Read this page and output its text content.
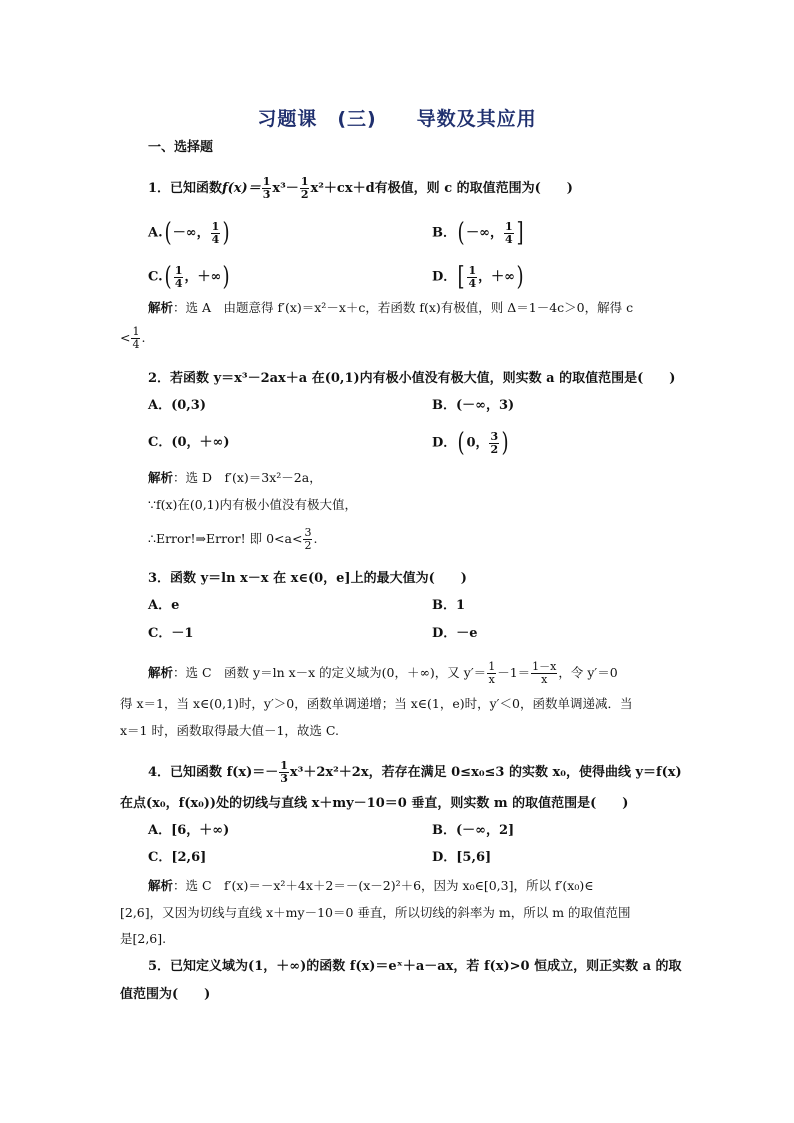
习题课　(三)　　导数及其应用
一、选择题
1．已知函数$f(x)= \frac{1}{3} x^3- \frac{1}{2} x^2+cx+d$有极值，则 c 的取值范围为(　　)
A.( －∞， $\frac{1}{4}$ )	B．( －∞， $\frac{1}{4}$ ]
$C.( \frac{1}{4}$ ，＋∞)	D．[ $\frac{1}{4}$ ，＋∞)
解析：选 A　由题意得 f′(x)＝x²－x＋c，若函数 f(x)有极值，则 Δ＝1－4c＞0，解得 c
< $\frac{1}{4}$ .
2．若函数 y＝x³－2ax＋a 在(0,1)内有极小值没有极大值，则实数 a 的取值范围是(　　)
A．(0,3)	B．(－∞，3)
C．(0，＋∞)	D．( 0， $\frac{3}{2}$ )
解析：选 D　f′(x)＝3x²－2a，
∵f(x)在(0,1)内有极小值没有极大值，
∴Error!⇒Error! 即 $0<a< \frac{3}{2}$ .
3．函数 y＝ln x－x 在 x∈(0，e]上的最大值为(　　)
A．e	B．1
C．－1	D．－e
解析：选 C　函数 y＝ln x－x 的定义域为(0，＋∞)，又 $y'= \frac{1}{x} -1= \frac{1-x}{x}$ ，令 y′＝0
得 x＝1，当 x∈(0,1)时，y′＞0，函数单调递增；当 x∈(1，e)时，y′＜0，函数单调递减．当
x＝1 时，函数取得最大值－1，故选 C.
4．已知函数 $f(x)=- \frac{1}{3} x^3+2x^2+2x$，若存在满足 0≤x₀≤3 的实数 x₀，使得曲线 y＝f(x)
在点(x₀，f(x₀))处的切线与直线 x＋my－10＝0 垂直，则实数 m 的取值范围是(　　)
A．[6，＋∞)	B．(－∞，2]
C．[2,6]	D．[5,6]
解析：选 C　f′(x)＝－x²＋4x＋2＝－(x－2)²＋6，因为 x₀∈[0,3]，所以 f′(x₀)∈
[2,6]，又因为切线与直线 x＋my－10＝0 垂直，所以切线的斜率为 m，所以 m 的取值范围
是[2,6].
5．已知定义域为(1，＋∞)的函数 f(x)＝eˣ＋a－ax，若 f(x)>0 恒成立，则正实数 a 的取
值范围为(　　)
